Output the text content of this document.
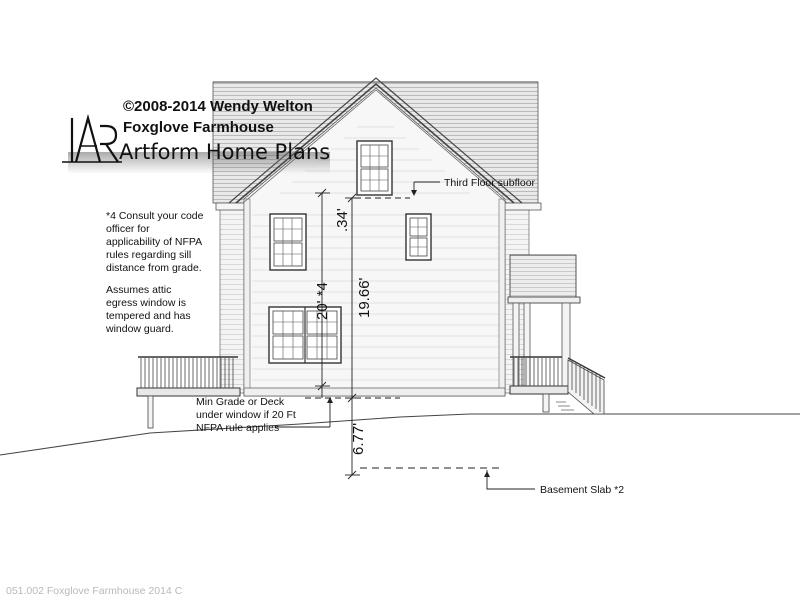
.34'
20' *4 19.66'
6.77'
Third Floor subfloor
Basement Slab *2
*4 Consult your code
officer for
applicability of NFPA
rules regarding sill
distance from grade.
Assumes attic
egress window is
tempered and has
window guard.
Min Grade or Deck
under window if 20 Ft
NFPA rule applies
©2008-2014 Wendy Welton
Foxglove Farmhouse
Artform Home Plans
051.002 Foxglove Farmhouse 2014 C
